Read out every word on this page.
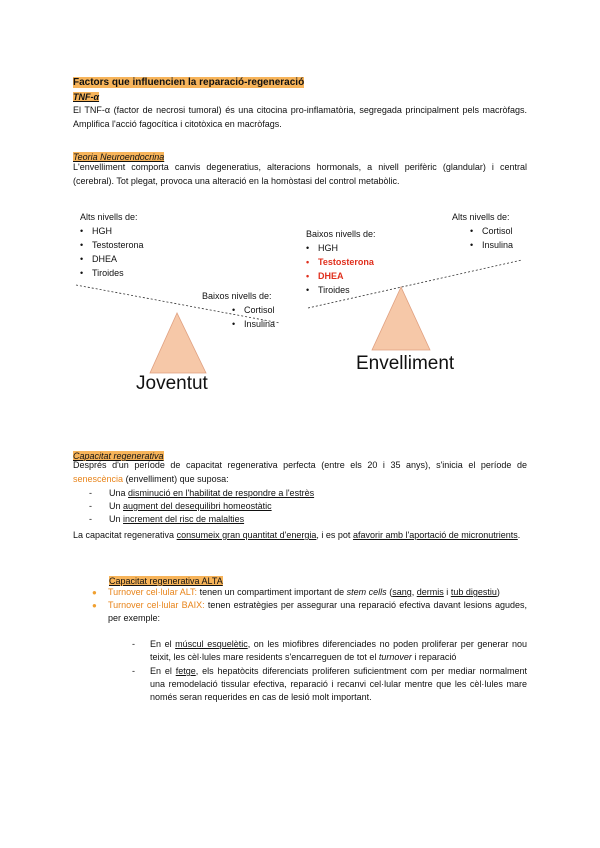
Factors que influencien la reparació-regeneració
TNF-α
El TNF-α (factor de necrosi tumoral) és una citocina pro-inflamatòria, segregada principalment pels macròfags. Amplifica l'acció fagocítica i citotòxica en macròfags.
Teoria Neuroendocrina
L'envelliment comporta canvis degeneratius, alteracions hormonals, a nivell perifèric (glandular) i central (cerebral). Tot plegat, provoca una alteració en la homòstasi del control metabòlic.
Alts nivells de:
• HGH
• Testosterona
• DHEA
• Tiroides
Baixos nivells de:
• Cortisol
• Insulina
Joventut
Baixos nivells de:
• HGH
• Testosterona
• DHEA
• Tiroides
Alts nivells de:
• Cortisol
• Insulina
Envelliment
Capacitat regenerativa
Després d'un període de capacitat regenerativa perfecta (entre els 20 i 35 anys), s'inicia el període de senescència (envelliment) que suposa:
- Una disminució en l'habilitat de respondre a l'estrès
- Un augment del desequilibri homeostàtic
- Un increment del risc de malalties
La capacitat regenerativa consumeix gran quantitat d'energia, i es pot afavorir amb l'aportació de micronutrients.
Capacitat regenerativa ALTA
● Turnover cel·lular ALT: tenen un compartiment important de stem cells (sang, dermis i tub digestiu)
● Turnover cel·lular BAIX: tenen estratègies per assegurar una reparació efectiva davant lesions agudes, per exemple:
- En el múscul esquelètic, on les miofibres diferenciades no poden proliferar per generar nou teixit, les cèl·lules mare residents s'encarreguen de tot el turnover i reparació
- En el fetge, els hepatòcits diferenciats proliferen suficientment com per mediar normalment una remodelació tissular efectiva, reparació i recanvi cel·lular mentre que les cèl·lules mare només seran requerides en cas de lesió molt important.
